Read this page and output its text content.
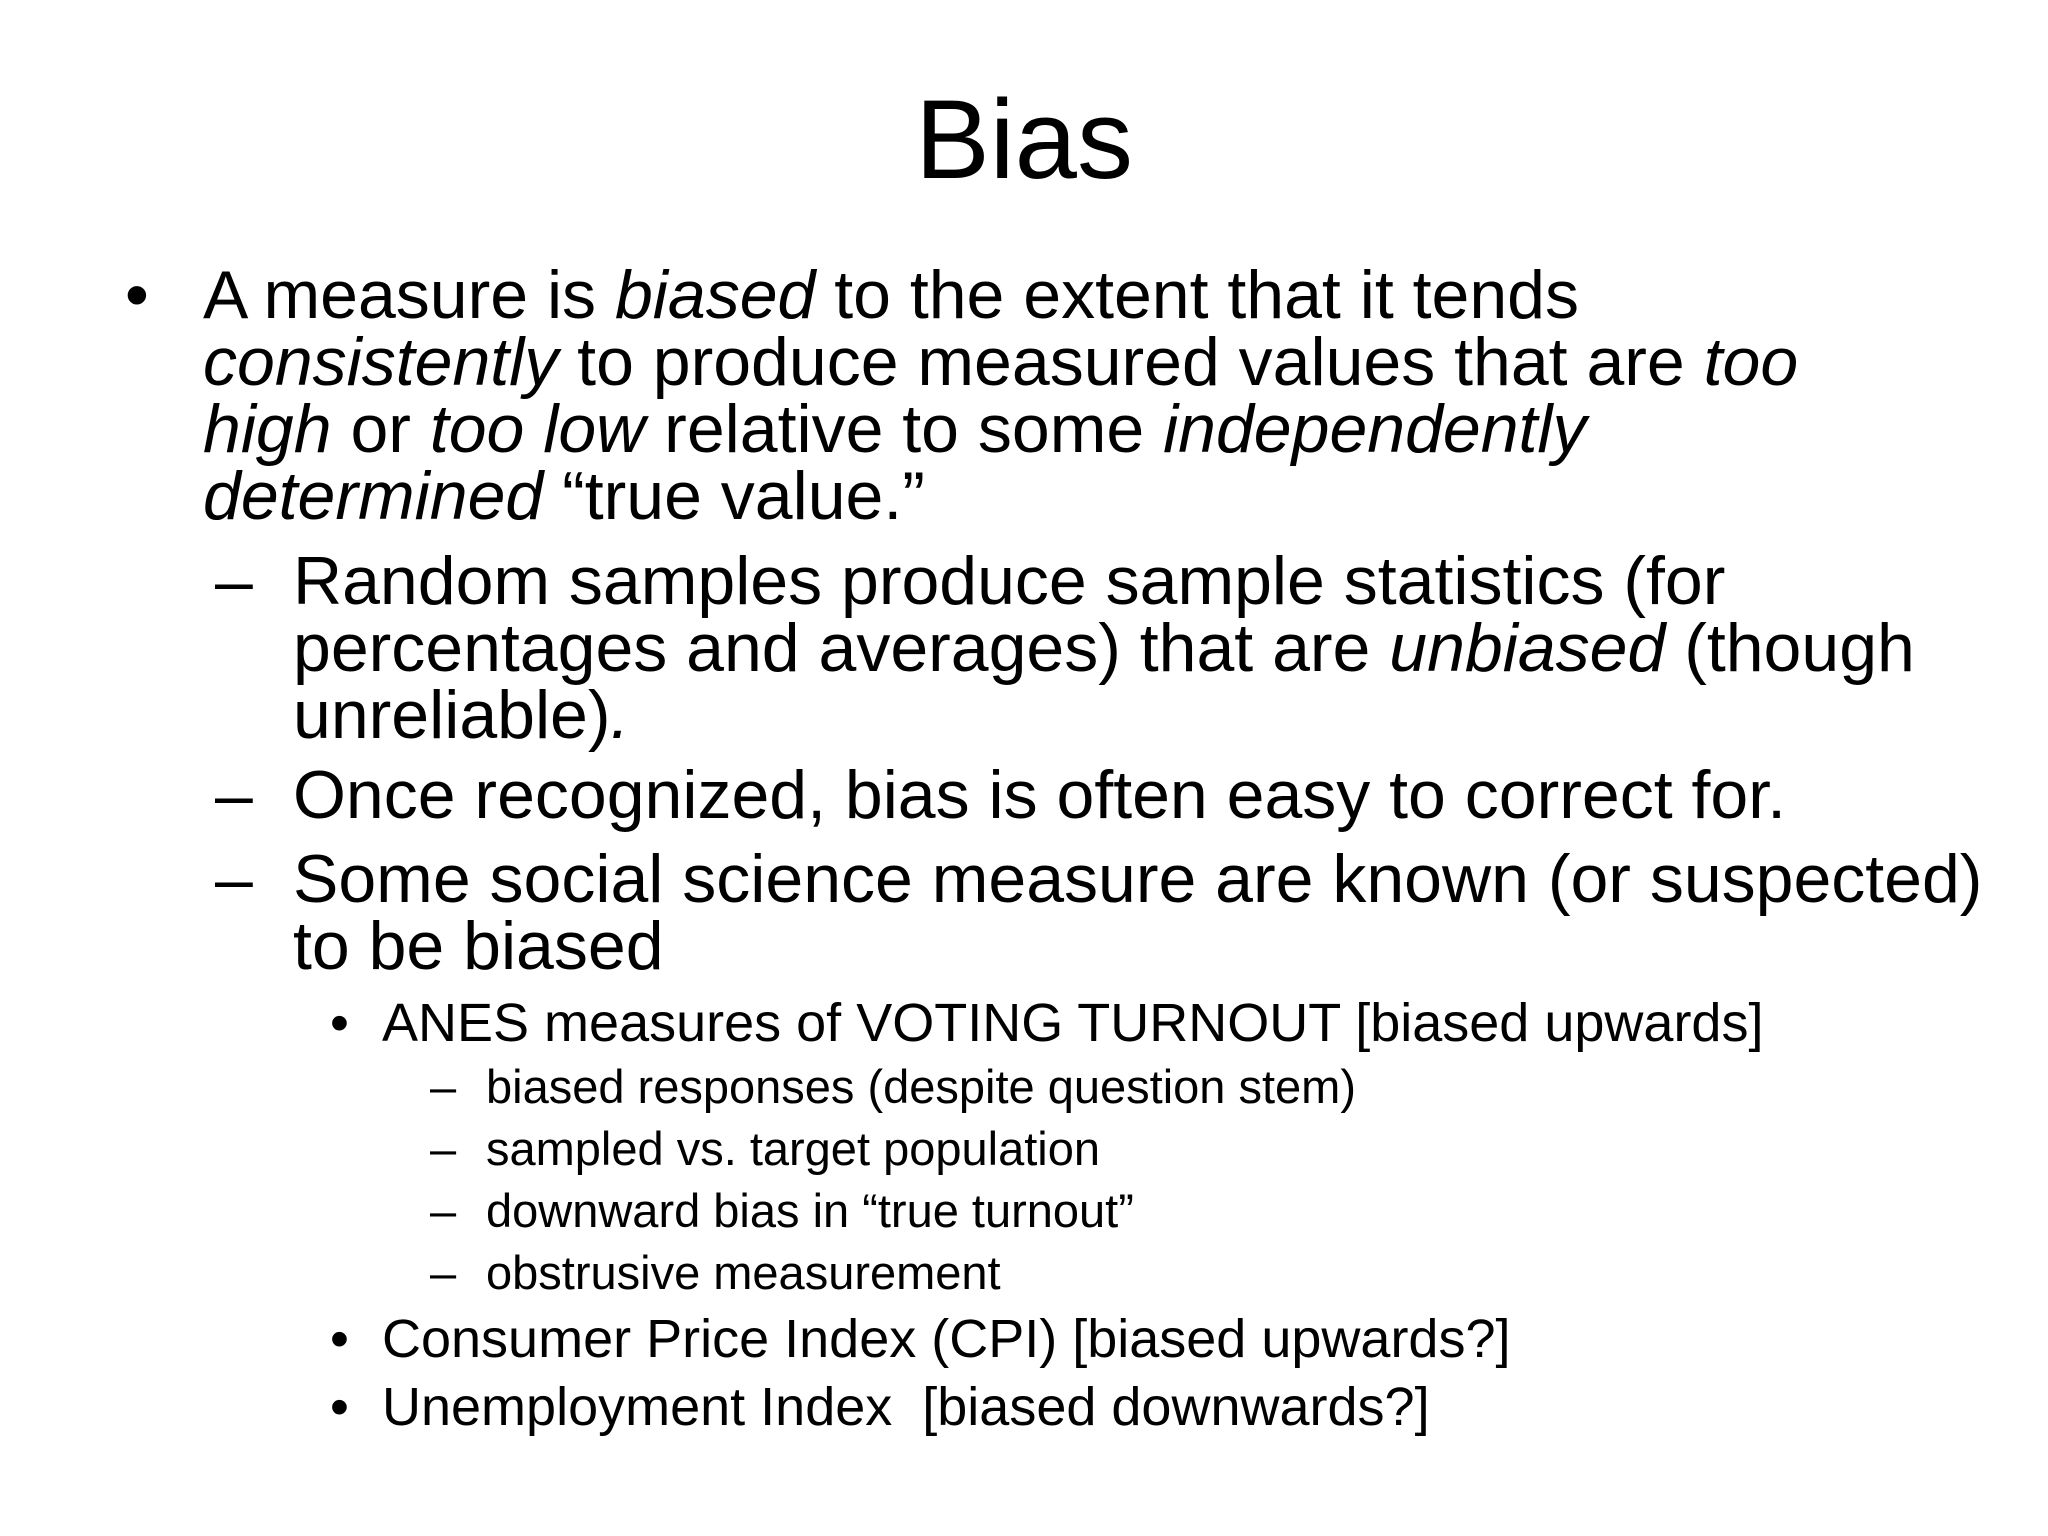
Bias
• A measure is biased to the extent that it tends consistently to produce measured values that are too high or too low relative to some independently determined “true value.”
– Random samples produce sample statistics (for percentages and averages) that are unbiased (though unreliable).
– Once recognized, bias is often easy to correct for.
– Some social science measure are known (or suspected) to be biased
• ANES measures of VOTING TURNOUT [biased upwards]
– biased responses (despite question stem)
– sampled vs. target population
– downward bias in “true turnout”
– obstrusive measurement
• Consumer Price Index (CPI) [biased upwards?]
• Unemployment Index  [biased downwards?]
